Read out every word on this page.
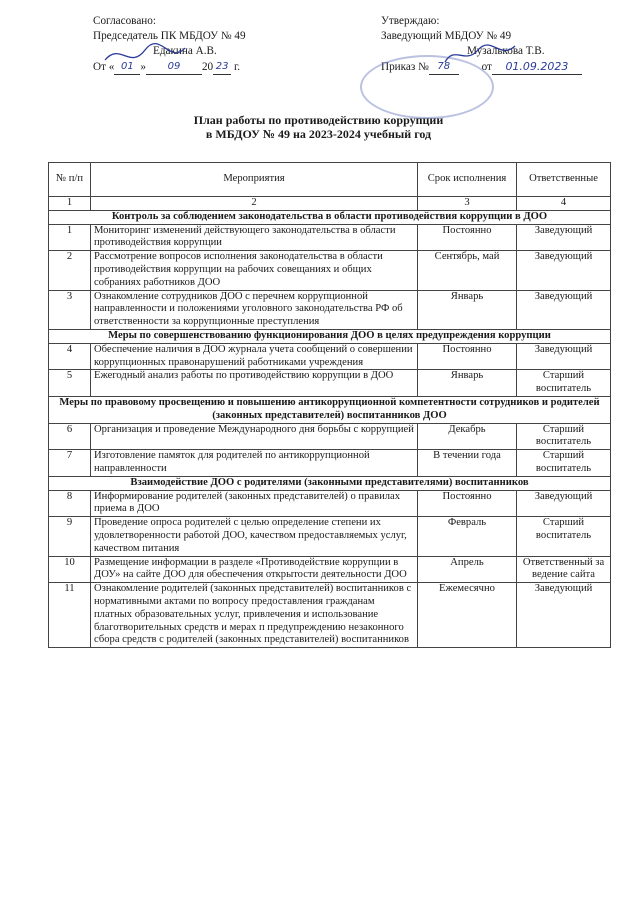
Согласовано:
Председатель ПК МБДОУ № 49
Едакина А.В.
От « 01 » 09 20 23 г.
Утверждаю:
Заведующий МБДОУ № 49
Музалькова Т.В.
Приказ № 78	от 01.09.2023
План работы по противодействию коррупции
в МБДОУ № 49 на 2023-2024 учебный год
№ п/п	Мероприятия	Срок исполнения	Ответственные
1	2	3	4
Контроль за соблюдением законодательства в области противодействия коррупции в ДОО			
1	Мониторинг изменений действующего законодательства в области противодействия коррупции	Постоянно	Заведующий
2	Рассмотрение вопросов исполнения законодательства в области противодействия коррупции на рабочих совещаниях и общих собраниях работников ДОО	Сентябрь, май	Заведующий
3	Ознакомление сотрудников ДОО с перечнем коррупционной направленности и положениями уголовного законодательства РФ об ответственности за коррупционные преступления	Январь	Заведующий
Меры по совершенствованию функционирования ДОО в целях предупреждения коррупции			
4	Обеспечение наличия в ДОО журнала учета сообщений о совершении коррупционных правонарушений работниками учреждения	Постоянно	Заведующий
5	Ежегодный анализ работы по противодействию коррупции в ДОО	Январь	Старший воспитатель
Меры по правовому просвещению и повышению антикоррупционной компетентности сотрудников и родителей (законных представителей) воспитанников ДОО			
6	Организация и проведение Международного дня борьбы с коррупцией	Декабрь	Старший воспитатель
7	Изготовление памяток для родителей по антикоррупционной направленности	В течении года	Старший воспитатель
Взаимодействие ДОО с родителями (законными представителями) воспитанников			
8	Информирование родителей (законных представителей) о правилах приема в ДОО	Постоянно	Заведующий
9	Проведение опроса родителей с целью определение степени их удовлетворенности работой ДОО, качеством предоставляемых услуг, качеством питания	Февраль	Старший воспитатель
10	Размещение информации в разделе «Противодействие коррупции в ДОУ» на сайте ДОО для обеспечения открытости деятельности ДОО	Апрель	Ответственный за ведение сайта
11	Ознакомление родителей (законных представителей) воспитанников с нормативными актами по вопросу предоставления гражданам платных образовательных услуг, привлечения и использование благотворительных средств и мерах п предупреждению незаконного сбора средств с родителей (законных представителей) воспитанников	Ежемесячно	Заведующий
